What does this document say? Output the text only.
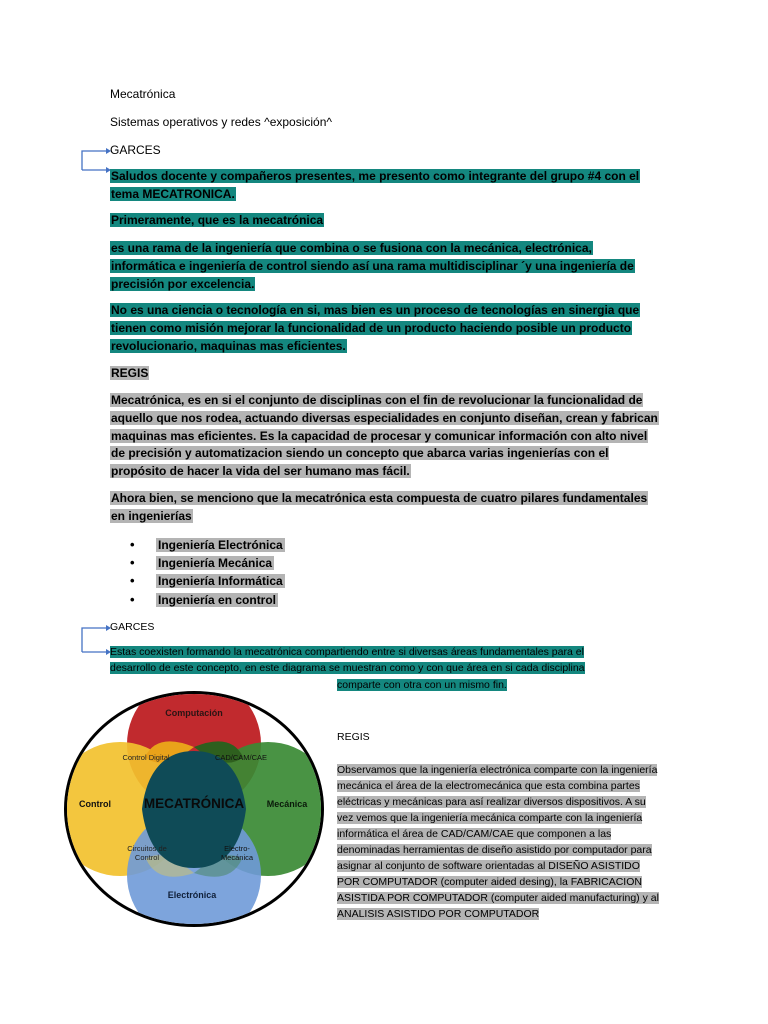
Mecatrónica

Sistemas operativos y redes ^exposición^

GARCES

Saludos docente y compañeros presentes, me presento como integrante del grupo #4 con el tema MECATRONICA.

Primeramente, que es la mecatrónica

es una rama de la ingeniería que combina o se fusiona con la mecánica, electrónica, informática e ingeniería de control siendo así una rama multidisciplinar ´y una ingeniería de precisión por excelencia.

No es una ciencia o tecnología en si, mas bien es un proceso de tecnologías en sinergia que tienen como misión mejorar la funcionalidad de un producto haciendo posible un producto revolucionario, maquinas mas eficientes.

REGIS

Mecatrónica, es en si el conjunto de disciplinas con el fin de revolucionar la funcionalidad de aquello que nos rodea, actuando diversas especialidades en conjunto diseñan, crean y fabrican maquinas mas eficientes. Es la capacidad de procesar y comunicar información con alto nivel de precisión y automatizacion siendo un concepto que abarca varias ingenierías con el propósito de hacer la vida del ser humano mas fácil.

Ahora bien, se menciono que la mecatrónica esta compuesta de cuatro pilares fundamentales en ingenierías

• Ingeniería Electrónica
• Ingeniería Mecánica
• Ingeniería Informática
• Ingeniería en control

GARCES

Estas coexisten formando la mecatrónica compartiendo entre si diversas áreas fundamentales para el

desarrollo de este concepto, en este diagrama se muestran como y con que área en si cada disciplina

comparte con otra con un mismo fin.

Computación
Control	Mecánica
Electrónica
Control Digital	CAD/CAM/CAE
Circuitos de
Control
Electro-
Mecánica
MECATRÓNICA

REGIS

Observamos que la ingeniería electrónica comparte con la ingeniería mecánica el área de la electromecánica que esta combina partes eléctricas y mecánicas para así realizar diversos dispositivos. A su vez vemos que la ingeniería mecánica comparte con la ingeniería informática el área de CAD/CAM/CAE que componen a las denominadas herramientas de diseño asistido por computador para asignar al conjunto de software orientadas al DISEÑO ASISTIDO POR COMPUTADOR (computer aided desing), la FABRICACION ASISTIDA POR COMPUTADOR (computer aided manufacturing) y al ANALISIS ASISTIDO POR COMPUTADOR
